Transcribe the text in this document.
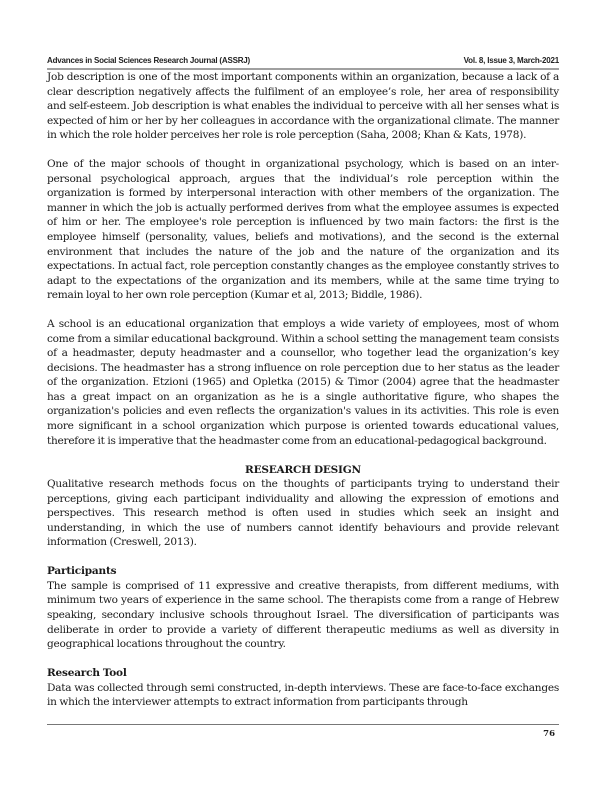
Advances in Social Sciences Research Journal (ASSRJ)	Vol. 8, Issue 3, March-2021

Job description is one of the most important components within an organization, because a lack of a clear description negatively affects the fulfilment of an employee’s role, her area of responsibility and self-esteem. Job description is what enables the individual to perceive with all her senses what is expected of him or her by her colleagues in accordance with the organizational climate. The manner in which the role holder perceives her role is role perception (Saha, 2008; Khan & Kats, 1978).

One of the major schools of thought in organizational psychology, which is based on an inter-personal psychological approach, argues that the individual’s role perception within the organization is formed by interpersonal interaction with other members of the organization. The manner in which the job is actually performed derives from what the employee assumes is expected of him or her. The employee's role perception is influenced by two main factors: the first is the employee himself (personality, values, beliefs and motivations), and the second is the external environment that includes the nature of the job and the nature of the organization and its expectations. In actual fact, role perception constantly changes as the employee constantly strives to adapt to the expectations of the organization and its members, while at the same time trying to remain loyal to her own role perception (Kumar et al, 2013; Biddle, 1986).

A school is an educational organization that employs a wide variety of employees, most of whom come from a similar educational background. Within a school setting the management team consists of a headmaster, deputy headmaster and a counsellor, who together lead the organization’s key decisions. The headmaster has a strong influence on role perception due to her status as the leader of the organization. Etzioni (1965) and Opletka (2015) & Timor (2004) agree that the headmaster has a great impact on an organization as he is a single authoritative figure, who shapes the organization's policies and even reflects the organization's values in its activities. This role is even more significant in a school organization which purpose is oriented towards educational values, therefore it is imperative that the headmaster come from an educational-pedagogical background.

RESEARCH DESIGN

Qualitative research methods focus on the thoughts of participants trying to understand their perceptions, giving each participant individuality and allowing the expression of emotions and perspectives. This research method is often used in studies which seek an insight and understanding, in which the use of numbers cannot identify behaviours and provide relevant information (Creswell, 2013).

Participants

The sample is comprised of 11 expressive and creative therapists, from different mediums, with minimum two years of experience in the same school. The therapists come from a range of Hebrew speaking, secondary inclusive schools throughout Israel. The diversification of participants was deliberate in order to provide a variety of different therapeutic mediums as well as diversity in geographical locations throughout the country.

Research Tool

Data was collected through semi constructed, in-depth interviews. These are face-to-face exchanges in which the interviewer attempts to extract information from participants through

76
